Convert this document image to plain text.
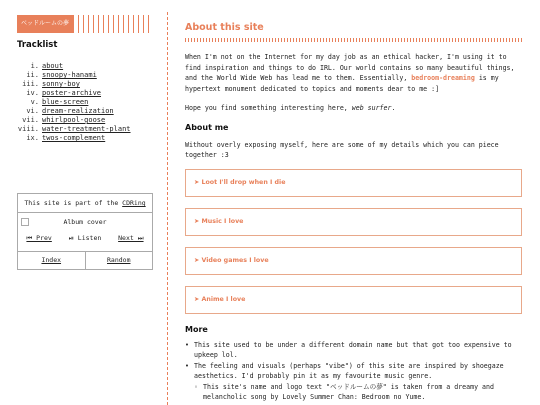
ベッドルームの夢
Tracklist
i. about
ii. snoopy-hanami
iii. sonny-boy
iv. poster-archive
v. blue-screen
vi. dream-realization
vii. whirlpool-goose
viii. water-treatment-plant
ix. twos-complement
This site is part of the CDRing
Album cover
⏮ Prev	⏯ Listen	Next ⏭
Index	Random
About this site

When I'm not on the Internet for my day job as an ethical hacker, I'm using it to find inspiration and things to do IRL. Our world contains so many beautiful things, and the World Wide Web has lead me to them. Essentially, bedroom-dreaming is my hypertext monument dedicated to topics and moments dear to me :]

Hope you find something interesting here, web surfer.

About me

Without overly exposing myself, here are some of my details which you can piece together :3

➤ Loot I'll drop when I die
➤ Music I love
➤ Video games I love
➤ Anime I love
More
• This site used to be under a different domain name but that got too expensive to upkeep lol.
• The feeling and visuals (perhaps "vibe") of this site are inspired by shoegaze aesthetics. I'd probably pin it as my favourite music genre.
◦ This site's name and logo text "ベッドルームの夢" is taken from a dreamy and melancholic song by Lovely Summer Chan: Bedroom no Yume.
